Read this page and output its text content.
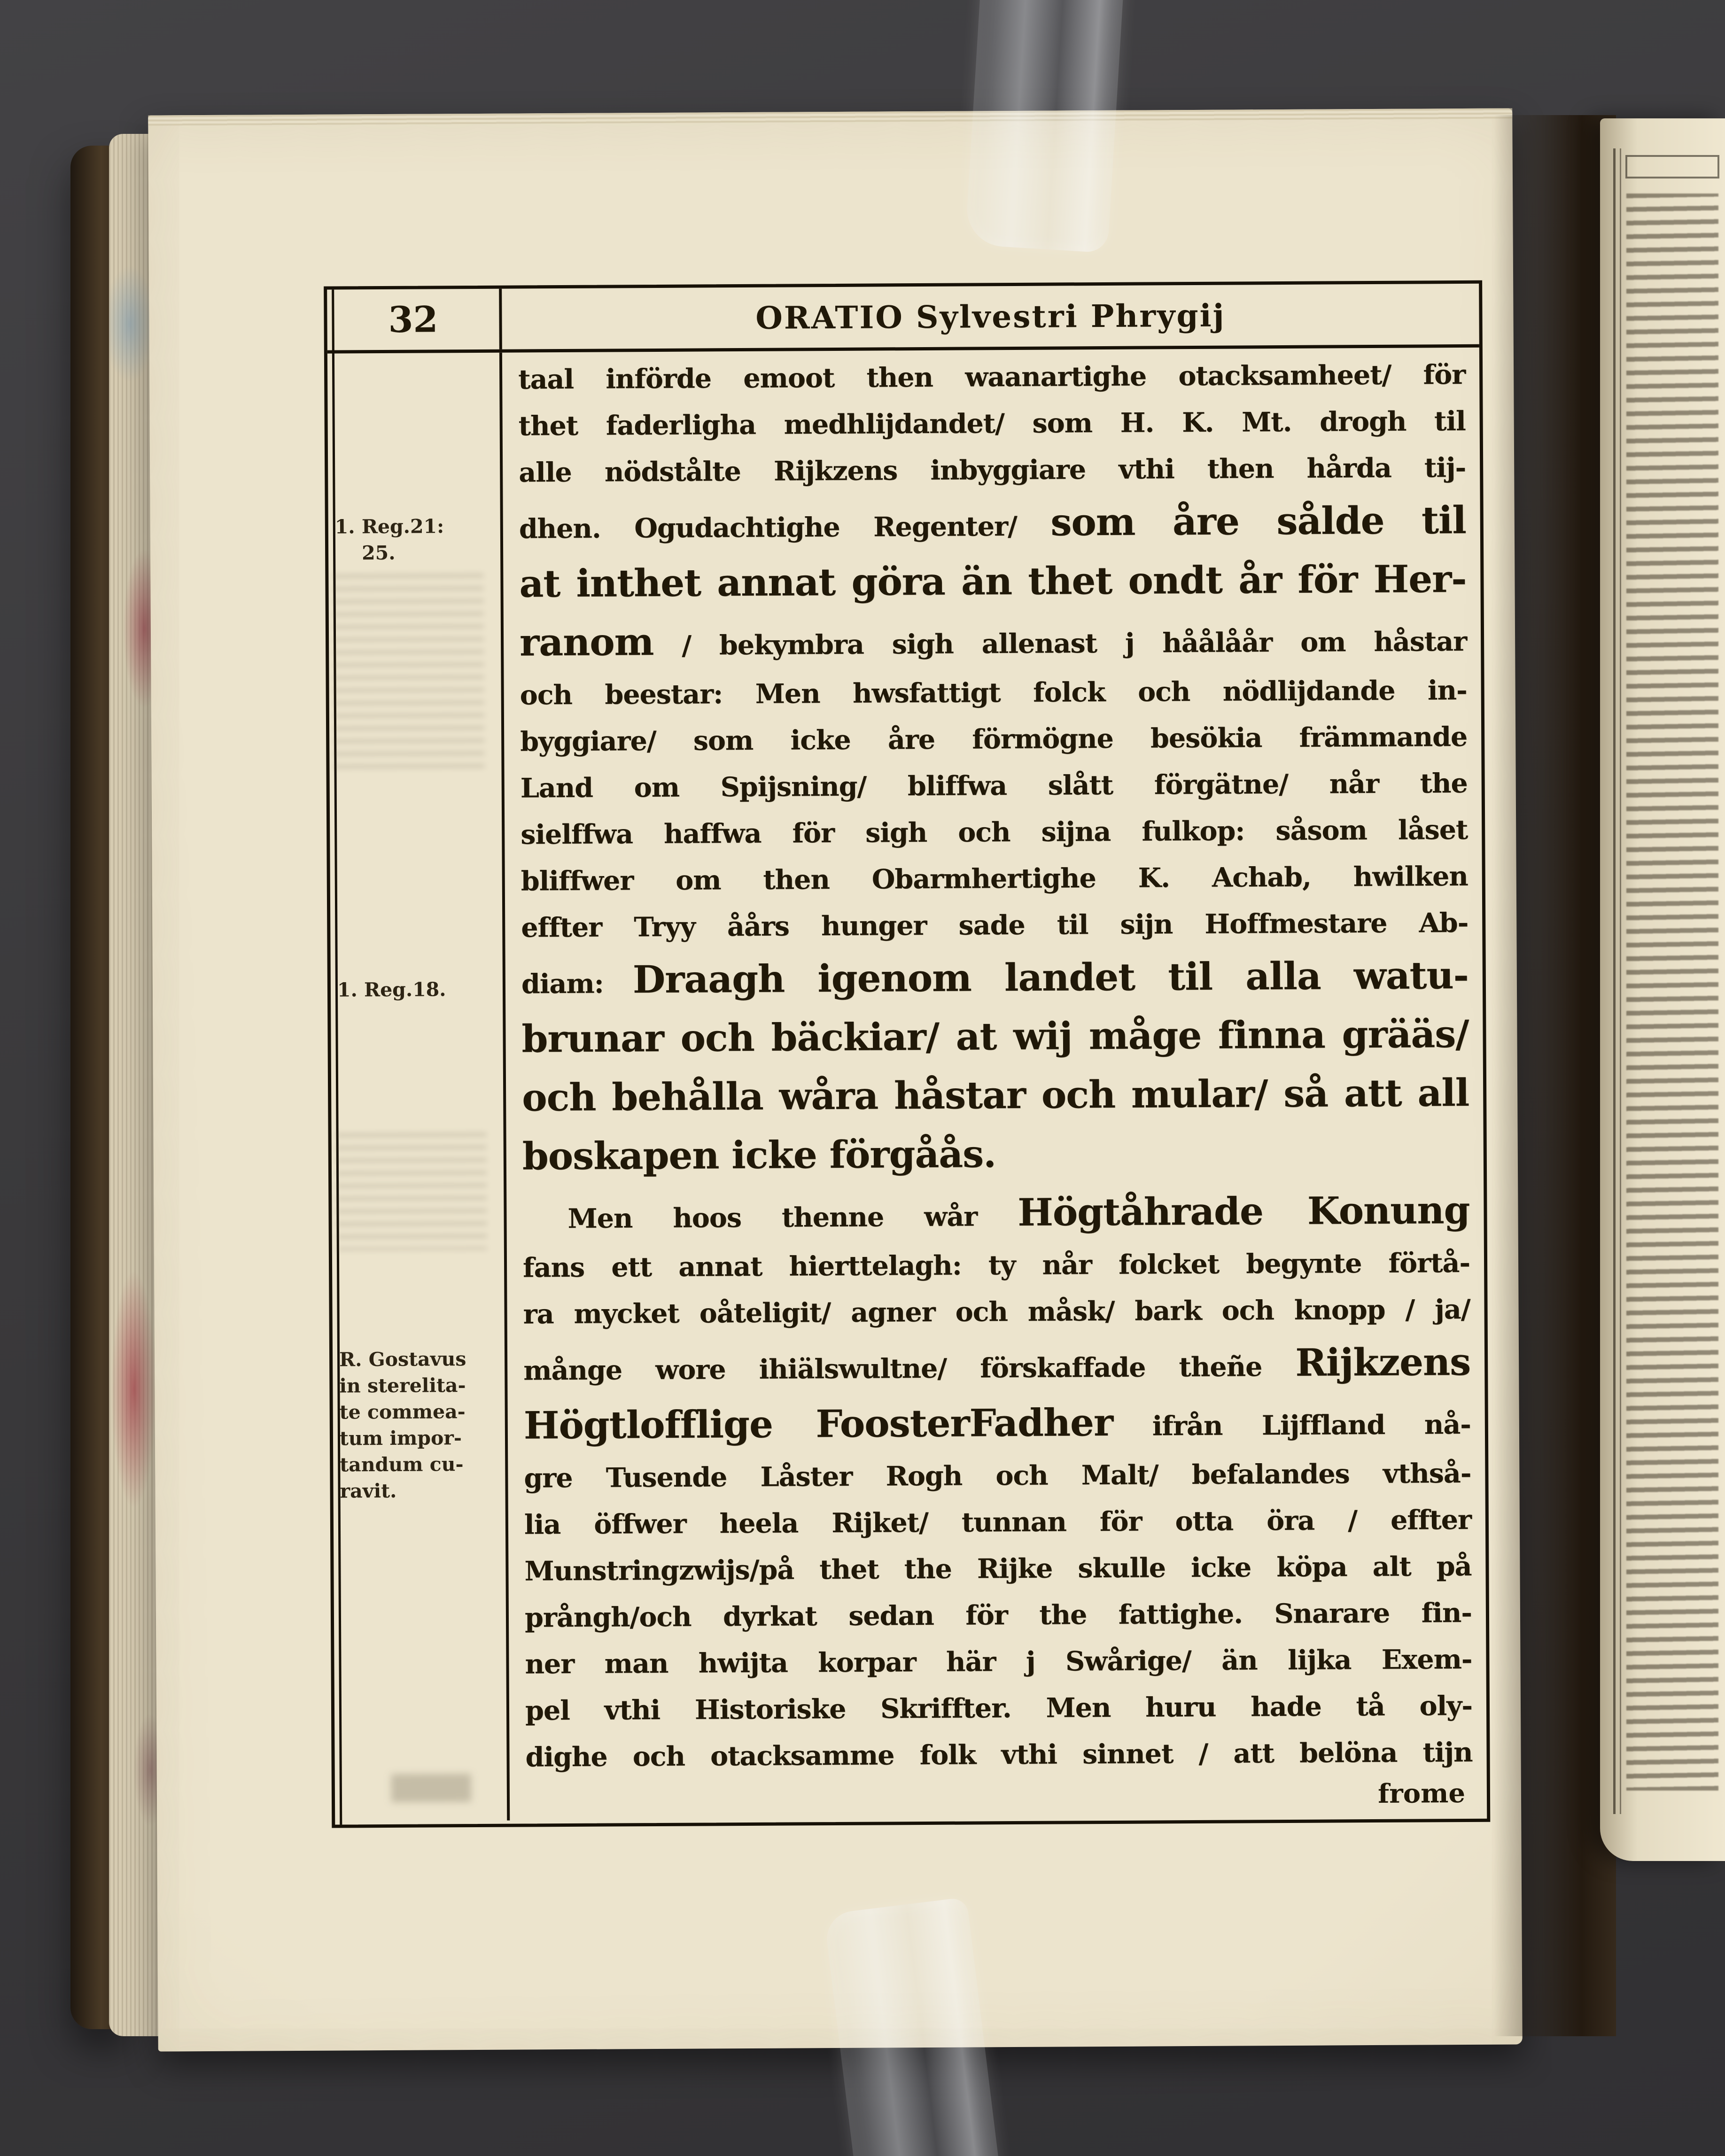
32	ORATIO Sylvestri Phrygij
1. Reg.21:
25.
1. Reg.18.
R. Gostavus
in sterelita-
te commea-
tum impor-
tandum cu-
ravit.
taal införde emoot then waanartighe otacksamheet/ för
thet faderligha medhlijdandet/ som H. K. Mt. drogh til
alle nödstålte Rijkzens inbyggiare vthi then hårda tij-
dhen. Ogudachtighe Regenter/ som åre sålde til
at inthet annat göra än thet ondt år för Her-
ranom / bekymbra sigh allenast j håålåår om håstar
och beestar: Men hwsfattigt folck och nödlijdande in-
byggiare/ som icke åre förmögne besökia främmande
Land om Spijsning/ bliffwa slått förgätne/ når the
sielffwa haffwa för sigh och sijna fulkop: såsom låset
bliffwer om then Obarmhertighe K. Achab, hwilken
effter Tryy åårs hunger sade til sijn Hoffmestare Ab-
diam: Draagh igenom landet til alla watu-
brunar och bäckiar/ at wij måge finna grääs/
och behålla wåra håstar och mular/ så att all
boskapen icke förgåås.
Men hoos thenne wår Högtåhrade Konung
fans ett annat hierttelagh: ty når folcket begynte förtå-
ra mycket oåteligit/ agner och måsk/ bark och knopp / ja/
månge wore ihiälswultne/ förskaffade theñe Rijkzens
Högtlofflige FoosterFadher ifrån Lijffland nå-
gre Tusende Låster Rogh och Malt/ befalandes vthså-
lia öffwer heela Rijket/ tunnan för otta öra / effter
Munstringzwijs/på thet the Rijke skulle icke köpa alt på
prångh/och dyrkat sedan för the fattighe. Snarare fin-
ner man hwijta korpar här j Swårige/ än lijka Exem-
pel vthi Historiske Skriffter. Men huru hade tå oly-
dighe och otacksamme folk vthi sinnet / att belöna tijn
frome
